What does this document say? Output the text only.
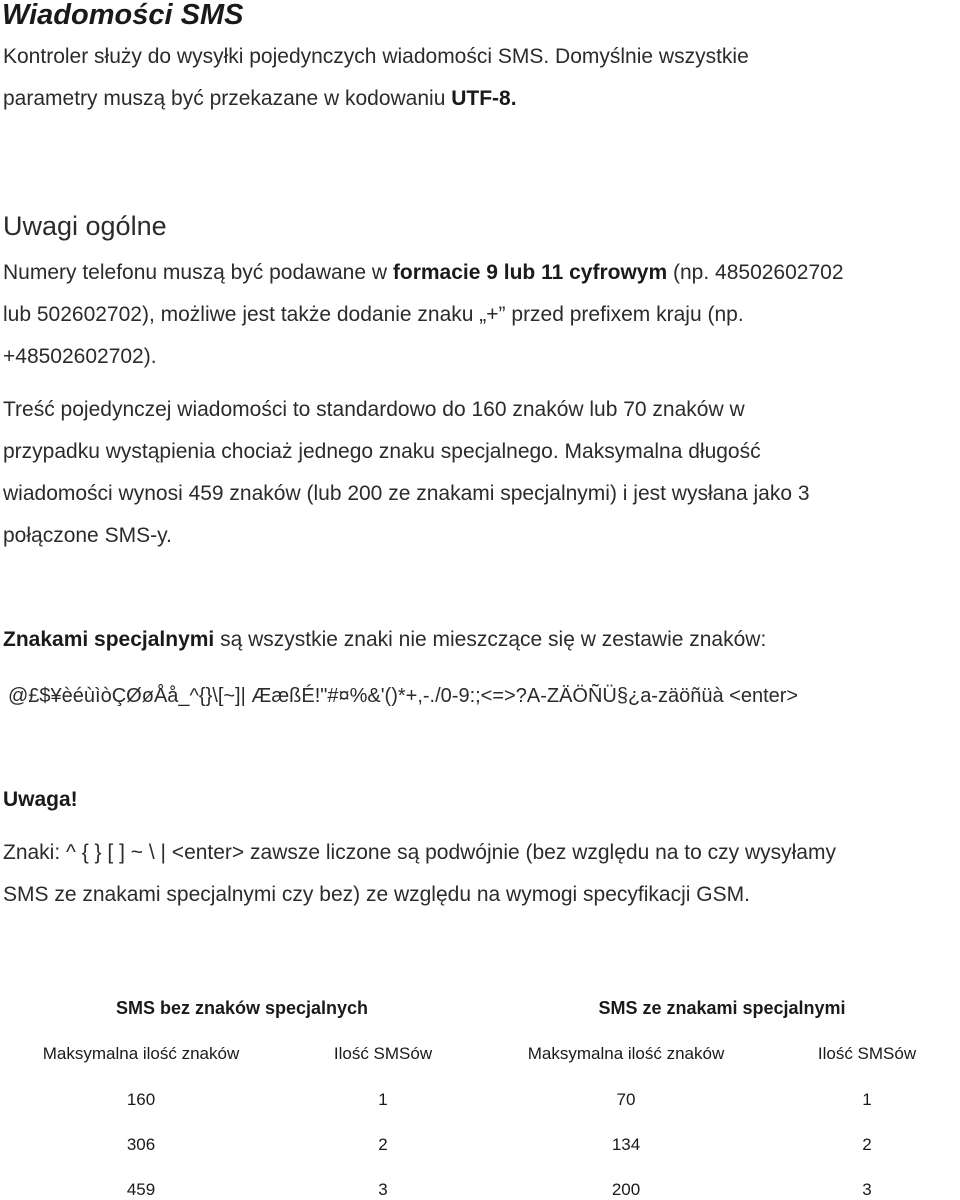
Wiadomości SMS
Kontroler służy do wysyłki pojedynczych wiadomości SMS. Domyślnie wszystkie
parametry muszą być przekazane w kodowaniu UTF-8.
Uwagi ogólne
Numery telefonu muszą być podawane w formacie 9 lub 11 cyfrowym (np. 48502602702
lub 502602702), możliwe jest także dodanie znaku „+” przed prefixem kraju (np.
+48502602702).
Treść pojedynczej wiadomości to standardowo do 160 znaków lub 70 znaków w
przypadku wystąpienia chociaż jednego znaku specjalnego. Maksymalna długość
wiadomości wynosi 459 znaków (lub 200 ze znakami specjalnymi) i jest wysłana jako 3
połączone SMS-y.
Znakami specjalnymi są wszystkie znaki nie mieszczące się w zestawie znaków:
@£$¥èéùìòÇØøÅå_^{}\[~]| ÆæßÉ!"#¤%&'()*+,-./0-9:;<=>?A-ZÄÖÑÜ§¿a-zäöñüà <enter>
Uwaga!
Znaki: ^ { } [ ] ~ \ | <enter> zawsze liczone są podwójnie (bez względu na to czy wysyłamy
SMS ze znakami specjalnymi czy bez) ze względu na wymogi specyfikacji GSM.
SMS bez znaków specjalnych	SMS ze znakami specjalnymi
Maksymalna ilość znaków	Ilość SMSów	Maksymalna ilość znaków	Ilość SMSów
160	1	70	1
306	2	134	2
459	3	200	3
